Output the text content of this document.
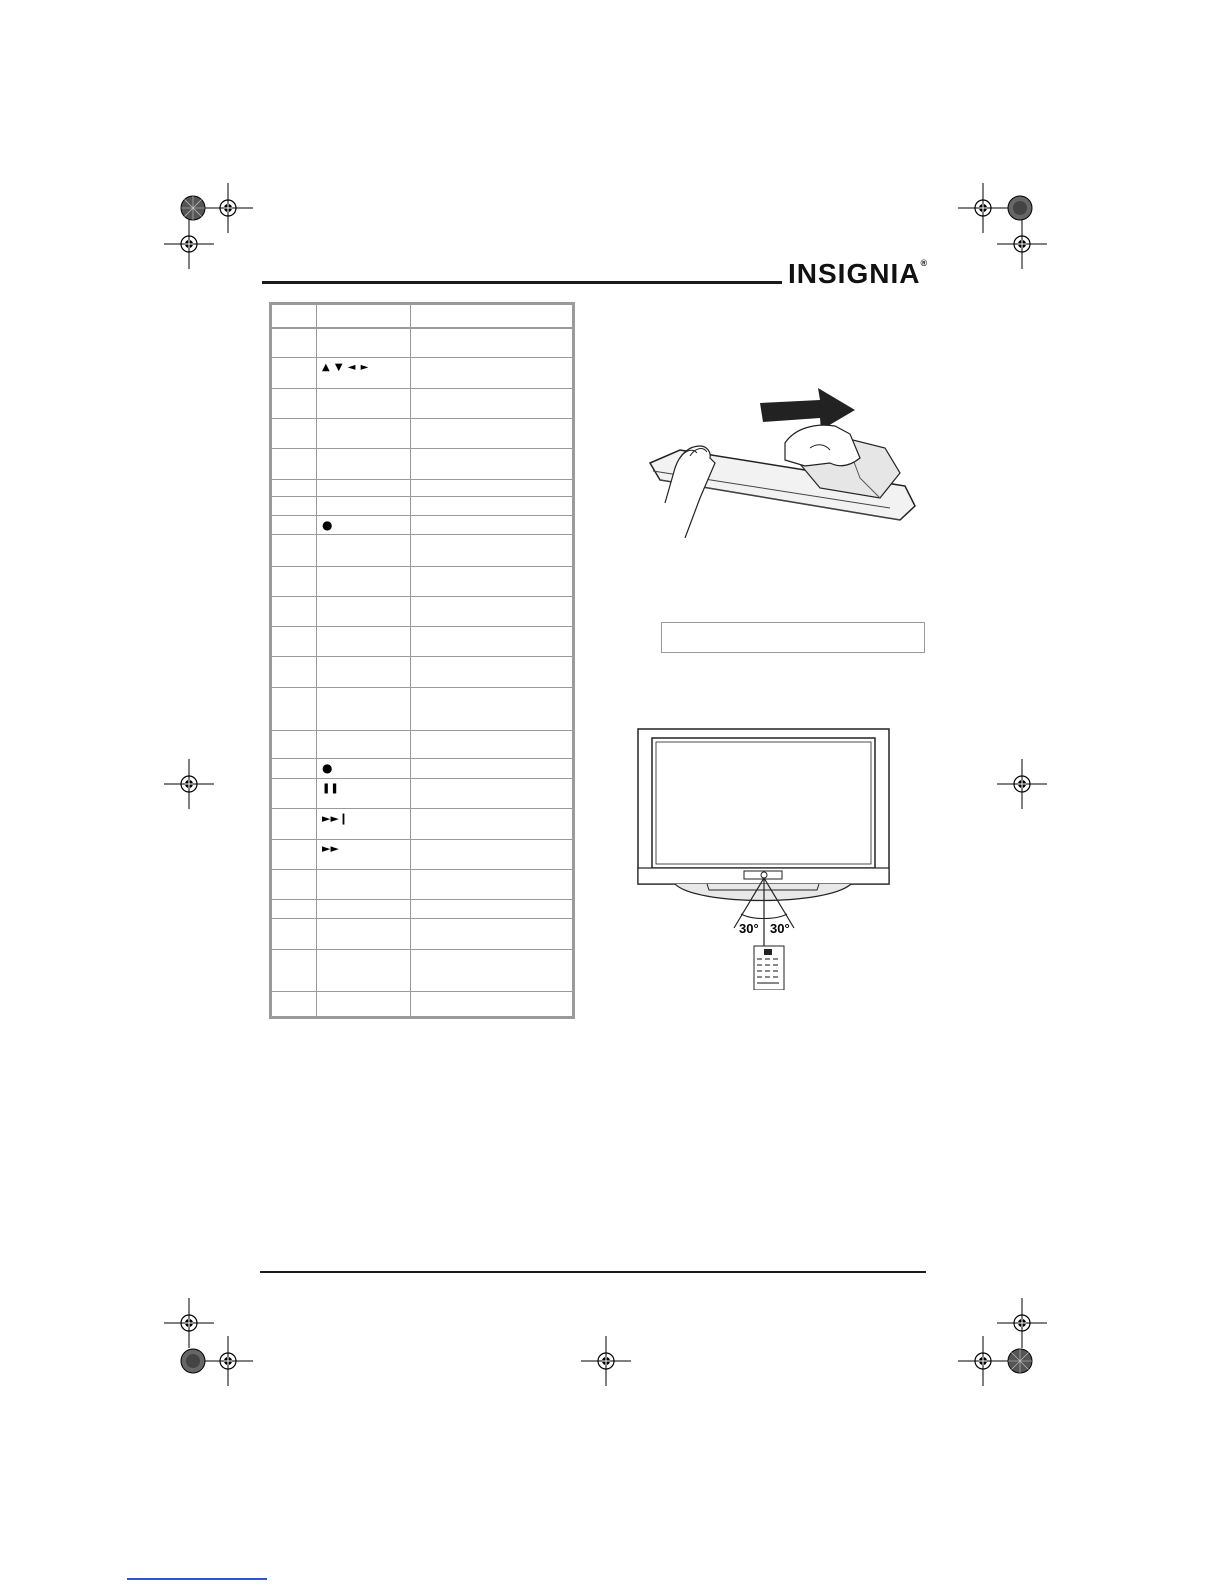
INSIGNIA®
▲ ▼ ◄ ►
●
●
❚❚
►►❙
►►
30° 30°
